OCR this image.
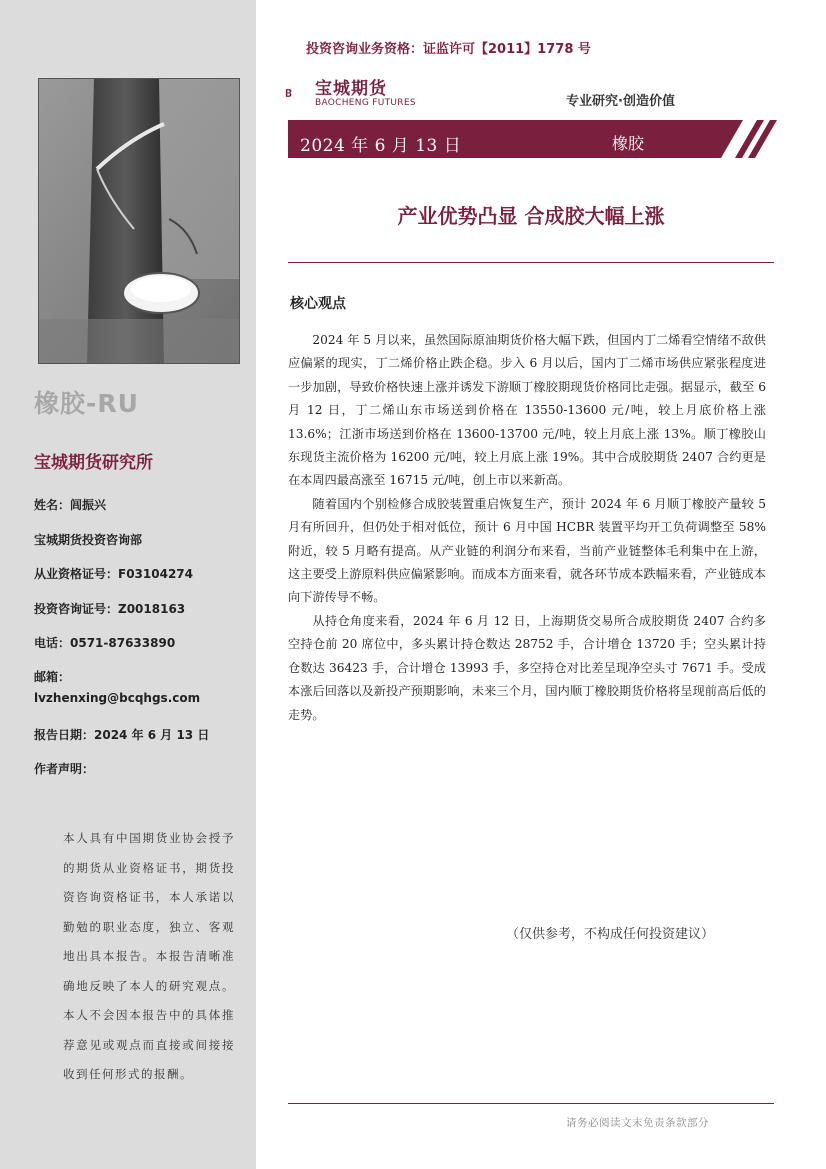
橡胶-RU
宝城期货研究所
姓名：闾振兴
宝城期货投资咨询部
从业资格证号：F03104274
投资咨询证号：Z0018163
电话：0571-87633890
邮箱：
lvzhenxing@bcqhgs.com
报告日期：2024 年 6 月 13 日
作者声明：

本人具有中国期货业协会授予的期货从业资格证书，期货投资咨询资格证书，本人承诺以勤勉的职业态度，独立、客观地出具本报告。本报告清晰准确地反映了本人的研究观点。本人不会因本报告中的具体推荐意见或观点而直接或间接接收到任何形式的报酬。

投资咨询业务资格：证监许可【2011】1778 号
宝城期货
BAOCHENG FUTURES	专业研究·创造价值
2024 年 6 月 13 日	橡胶
产业优势凸显 合成胶大幅上涨
核心观点

2024 年 5 月以来，虽然国际原油期货价格大幅下跌，但国内丁二烯看空情绪不敌供应偏紧的现实，丁二烯价格止跌企稳。步入 6 月以后，国内丁二烯市场供应紧张程度进一步加剧，导致价格快速上涨并诱发下游顺丁橡胶期现货价格同比走强。据显示，截至 6 月 12 日，丁二烯山东市场送到价格在 13550-13600 元/吨，较上月底价格上涨 13.6%；江浙市场送到价格在 13600-13700 元/吨，较上月底上涨 13%。顺丁橡胶山东现货主流价格为 16200 元/吨，较上月底上涨 19%。其中合成胶期货 2407 合约更是在本周四最高涨至 16715 元/吨，创上市以来新高。

随着国内个别检修合成胶装置重启恢复生产，预计 2024 年 6 月顺丁橡胶产量较 5 月有所回升，但仍处于相对低位，预计 6 月中国 HCBR 装置平均开工负荷调整至 58%附近，较 5 月略有提高。从产业链的利润分布来看，当前产业链整体毛利集中在上游，这主要受上游原料供应偏紧影响。而成本方面来看，就各环节成本跌幅来看，产业链成本向下游传导不畅。

从持仓角度来看，2024 年 6 月 12 日，上海期货交易所合成胶期货 2407 合约多空持仓前 20 席位中，多头累计持仓数达 28752 手，合计增仓 13720 手；空头累计持仓数达 36423 手，合计增仓 13993 手，多空持仓对比差呈现净空头寸 7671 手。受成本涨后回落以及新投产预期影响，未来三个月，国内顺丁橡胶期货价格将呈现前高后低的走势。

（仅供参考，不构成任何投资建议）
请务必阅读文末免责条款部分
